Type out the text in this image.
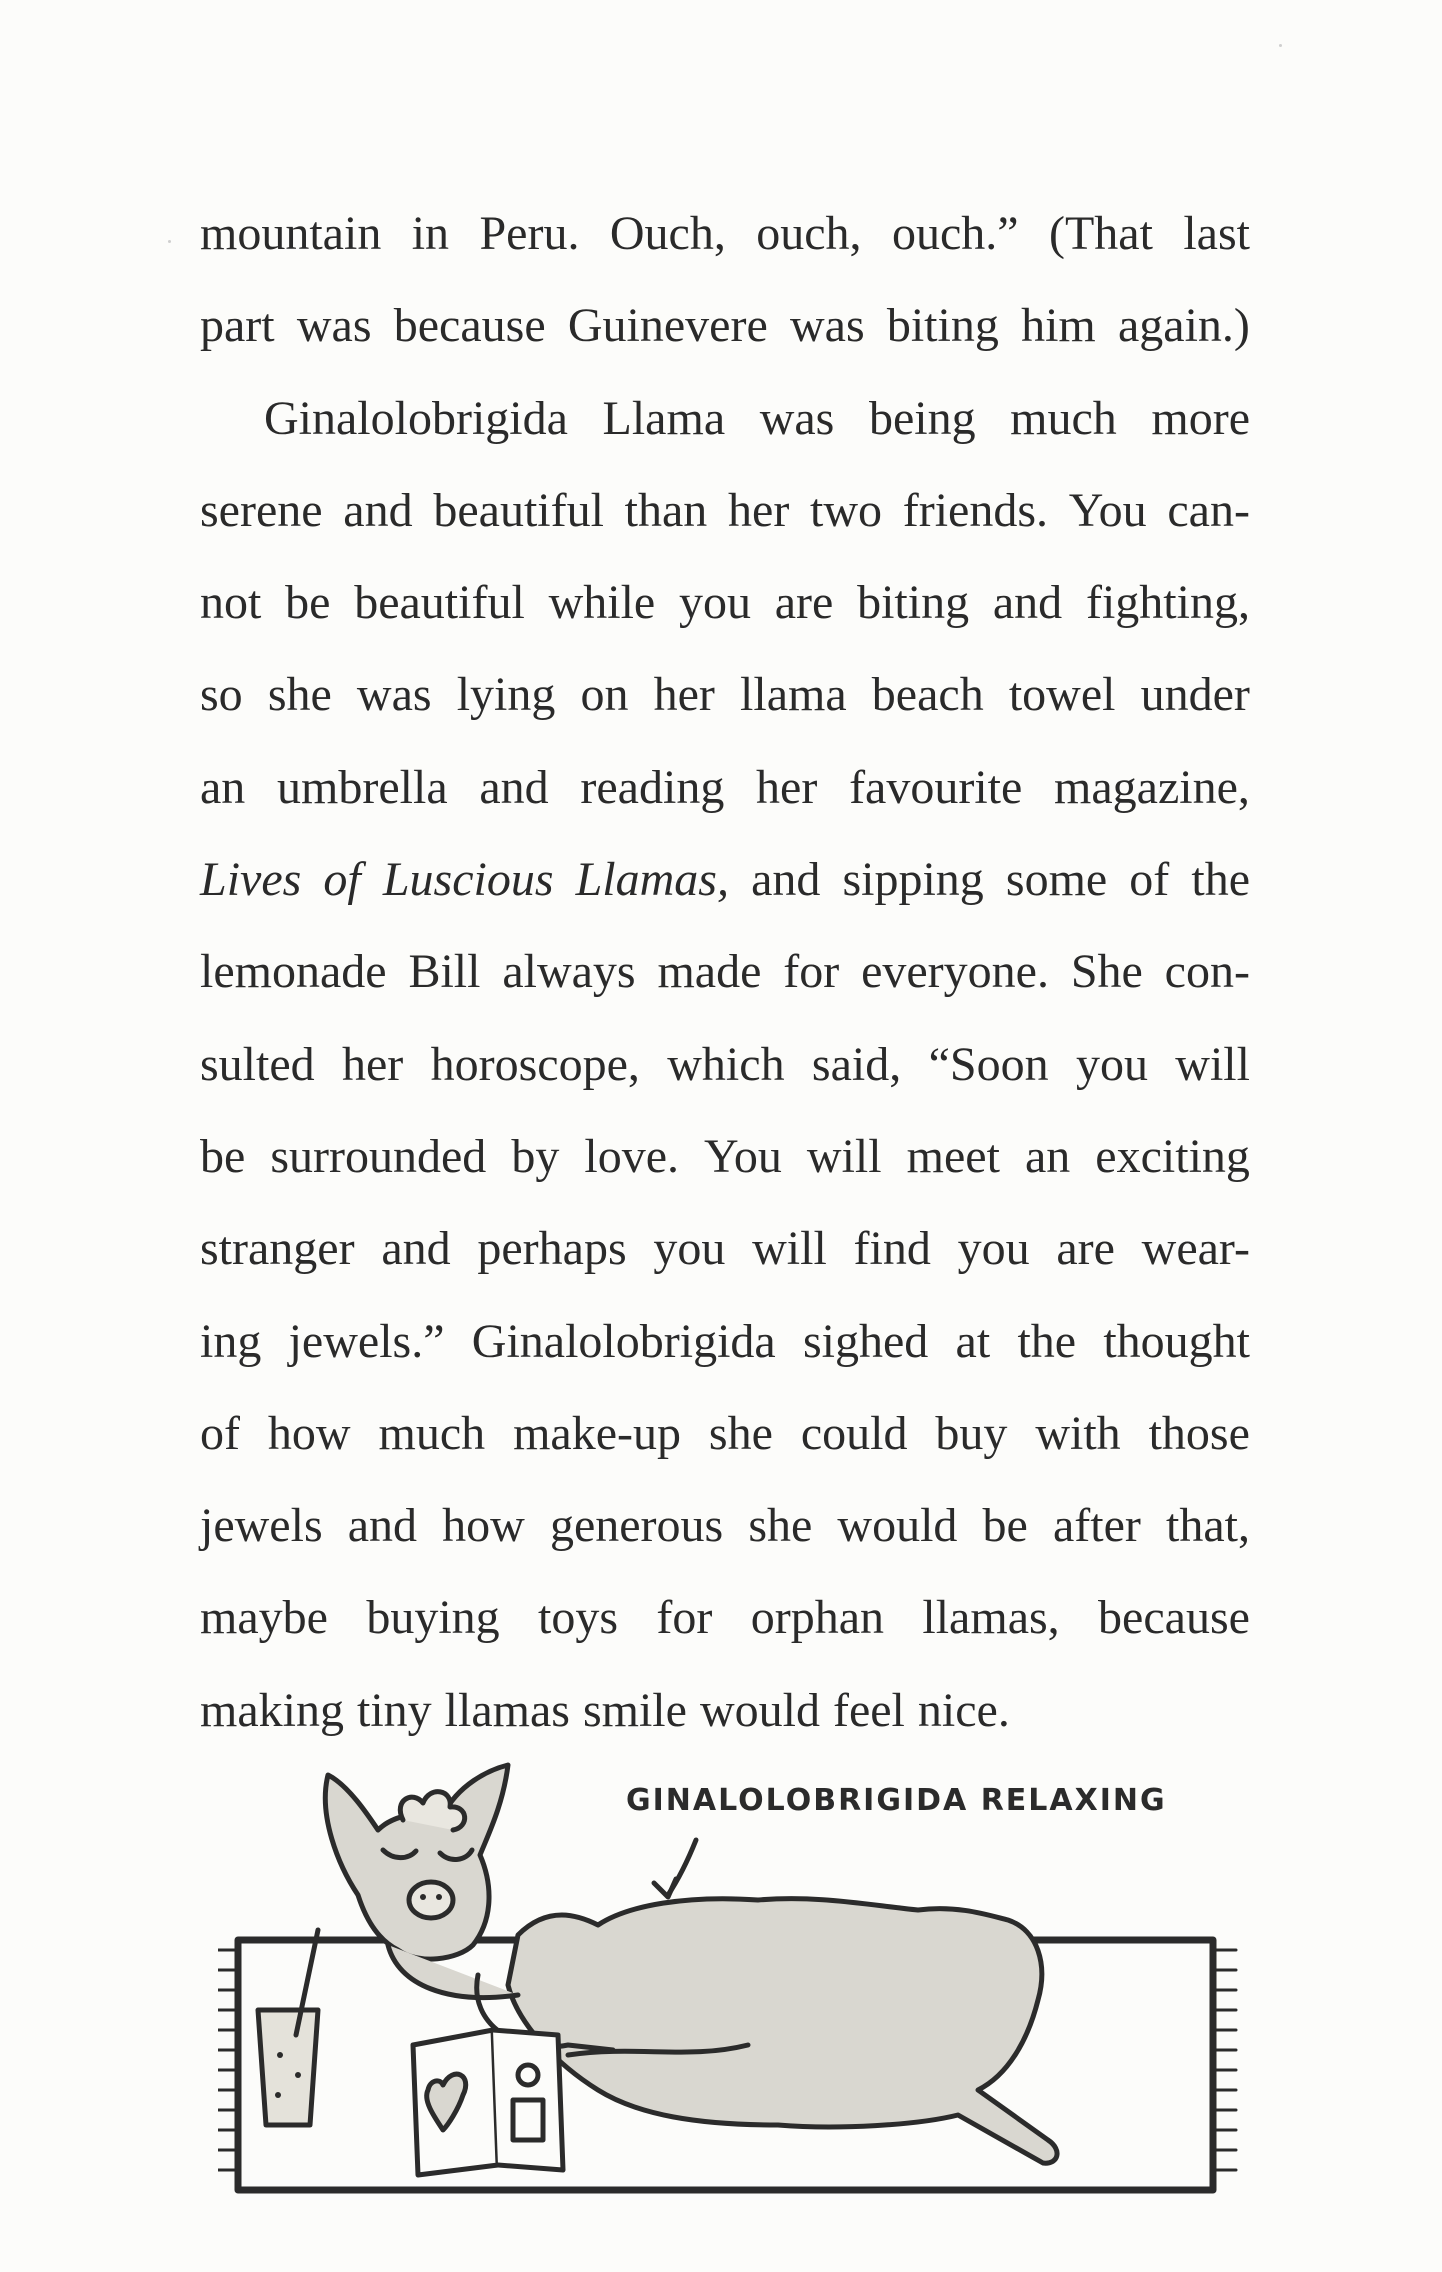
mountain in Peru. Ouch, ouch, ouch.” (That last
part was because Guinevere was biting him again.)
Ginalolobrigida Llama was being much more
serene and beautiful than her two friends. You can-
not be beautiful while you are biting and fighting,
so she was lying on her llama beach towel under
an umbrella and reading her favourite magazine,
Lives of Luscious Llamas, and sipping some of the
lemonade Bill always made for everyone. She con-
sulted her horoscope, which said, “Soon you will
be surrounded by love. You will meet an exciting
stranger and perhaps you will find you are wear-
ing jewels.” Ginalolobrigida sighed at the thought
of how much make-up she could buy with those
jewels and how generous she would be after that,
maybe buying toys for orphan llamas, because
making tiny llamas smile would feel nice.
GINALOLOBRIGIDA RELAXING
